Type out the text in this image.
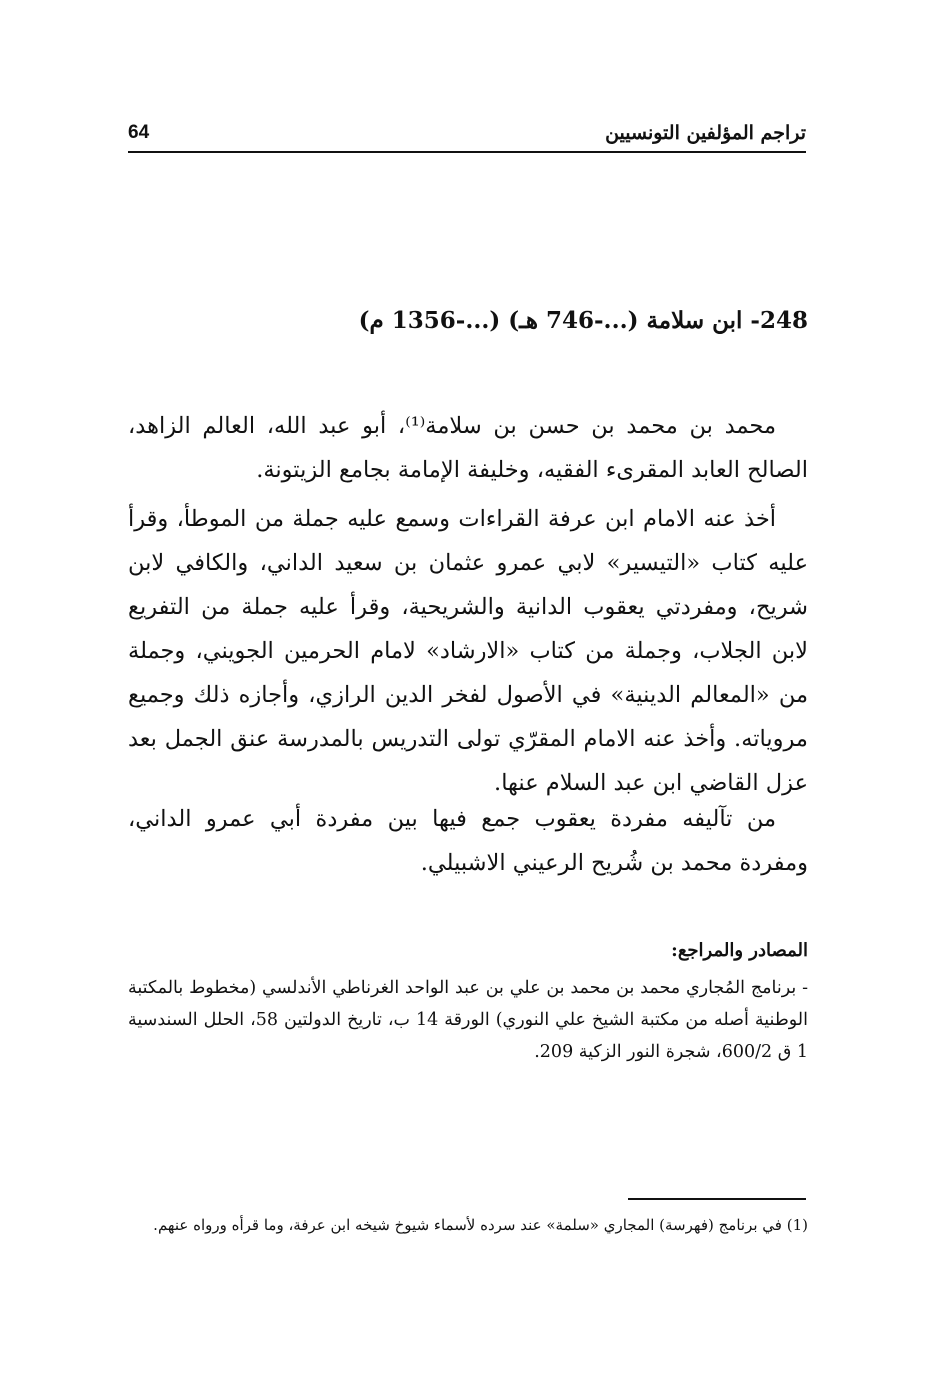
تراجم المؤلفين التونسيين
64
248- ابن سلامة (...-746 هـ) (...-1356 م)

محمد بن محمد بن حسن بن سلامة⁽¹⁾، أبو عبد الله، العالم الزاهد، الصالح العابد المقرىء الفقيه، وخليفة الإمامة بجامع الزيتونة.

أخذ عنه الامام ابن عرفة القراءات وسمع عليه جملة من الموطأ، وقرأ عليه كتاب «التيسير» لابي عمرو عثمان بن سعيد الداني، والكافي لابن شريح، ومفردتي يعقوب الدانية والشريحية، وقرأ عليه جملة من التفريع لابن الجلاب، وجملة من كتاب «الارشاد» لامام الحرمين الجويني، وجملة من «المعالم الدينية» في الأصول لفخر الدين الرازي، وأجازه ذلك وجميع مروياته. وأخذ عنه الامام المقرّي تولى التدريس بالمدرسة عنق الجمل بعد عزل القاضي ابن عبد السلام عنها.

من تآليفه مفردة يعقوب جمع فيها بين مفردة أبي عمرو الداني، ومفردة محمد بن شُريح الرعيني الاشبيلي.

المصادر والمراجع:

- برنامج المُجاري محمد بن محمد بن علي بن عبد الواحد الغرناطي الأندلسي (مخطوط بالمكتبة الوطنية أصله من مكتبة الشيخ علي النوري) الورقة 14 ب، تاريخ الدولتين 58، الحلل السندسية 1 ق 600/2، شجرة النور الزكية 209.

(1) في برنامج (فهرسة) المجاري «سلمة» عند سرده لأسماء شيوخ شيخه ابن عرفة، وما قرأه ورواه عنهم.
